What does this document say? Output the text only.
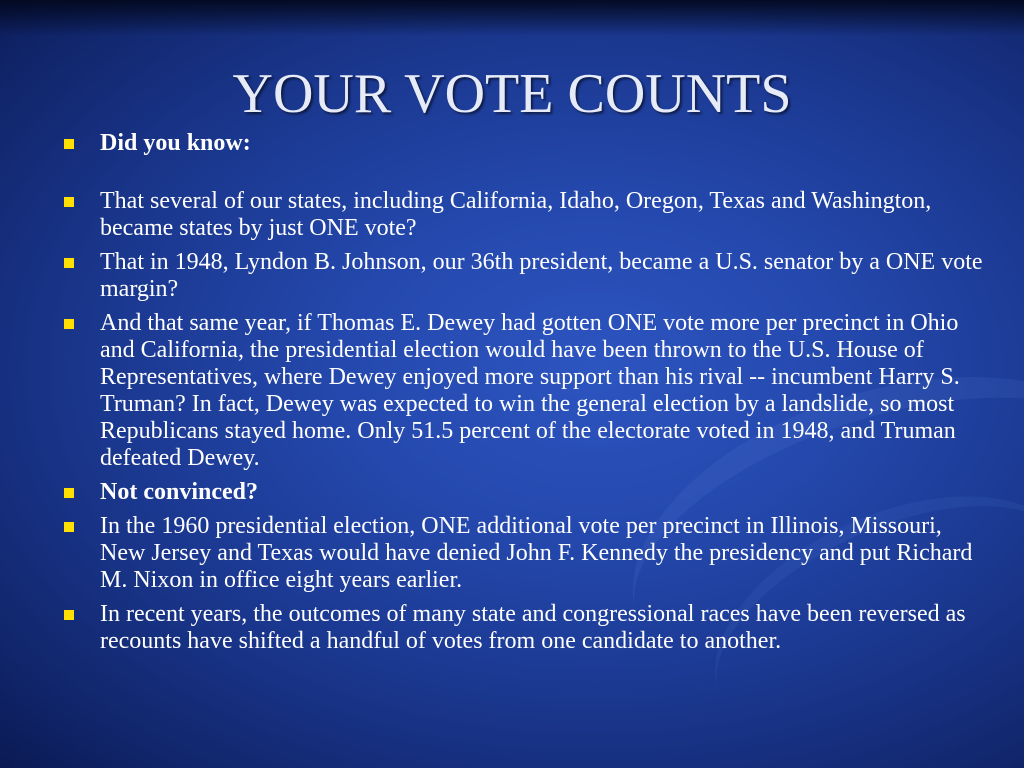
YOUR VOTE COUNTS
Did you know:
That several of our states, including California, Idaho, Oregon, Texas and Washington, became states by just ONE vote?
That in 1948, Lyndon B. Johnson, our 36th president, became a U.S. senator by a ONE vote margin?
And that same year, if Thomas E. Dewey had gotten ONE vote more per precinct in Ohio and California, the presidential election would have been thrown to the U.S. House of Representatives, where Dewey enjoyed more support than his rival -- incumbent Harry S. Truman? In fact, Dewey was expected to win the general election by a landslide, so most Republicans stayed home. Only 51.5 percent of the electorate voted in 1948, and Truman defeated Dewey.
Not convinced?
In the 1960 presidential election, ONE additional vote per precinct in Illinois, Missouri, New Jersey and Texas would have denied John F. Kennedy the presidency and put Richard M. Nixon in office eight years earlier.
In recent years, the outcomes of many state and congressional races have been reversed as recounts have shifted a handful of votes from one candidate to another.
